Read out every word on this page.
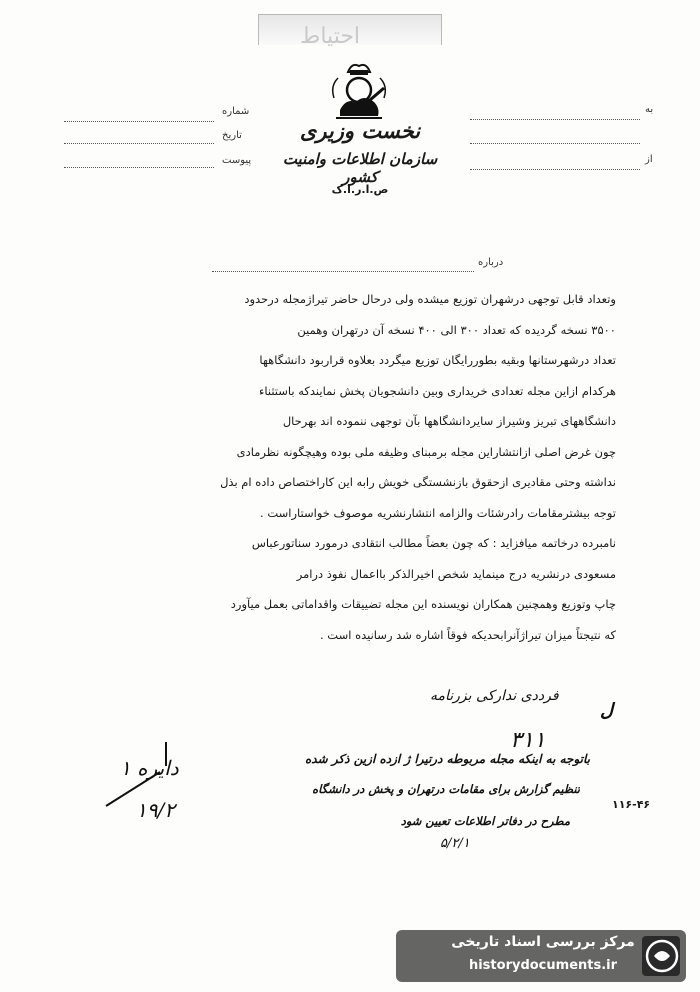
احتیاط
نخست وزیری
سازمان اطلاعات وامنیت کشور
ص.ا.ر.ا.ک
شماره
تاریخ
پیوست
به
از
درباره

وتعداد قابل توجهی درشهران توزیع میشده ولی درحال حاضر تیراژمجله درحدود

۳۵۰۰ نسخه گردیده که تعداد ۳۰۰ الی ۴۰۰ نسخه آن درتهران وهمین

تعداد درشهرستانها وبقیه بطوررایگان توزیع میگردد بعلاوه قراربود دانشگاهها

هرکدام ازاین مجله تعدادی خریداری وبین دانشجویان پخش نمایندکه باستثناء

دانشگاههای تبریز وشیراز سایردانشگاهها بآن توجهی ننموده اند بهرحال

چون غرض اصلی ازانتشاراین مجله برمبنای وظیفه ملی بوده وهیچگونه نظرمادی

نداشته وحتی مقادیری ازحقوق بازنشستگی خویش رابه این کاراختصاص داده ام بذل

توجه بیشترمقامات رادرشئات والزامه انتشارنشریه موصوف خواستاراست .

نامبرده درخاتمه میافزاید : که چون بعضاً مطالب انتقادی درمورد سناتورعباس

مسعودی درنشریه درج مینماید شخص اخیرالذکر بااعمال نفوذ درامر

چاپ وتوزیع وهمچنین همکاران نویسنده این مجله تضییقات واقداماتی بعمل میآورد

که نتیجتاً میزان تیراژآنرابحدیکه فوقاً اشاره شد رسانیده است .

فرددی ندارکی بزرنامه
ل
۳۱۱
باتوجه به اینکه مجله مربوطه درتیرا ژ ازده ازین ذکر شده
تنظیم گزارش برای مقامات درتهران و پخش در دانشگاه
مطرح در دفاتر اطلاعات تعیین شود
۵/۲/۱
دایره ۱
۱۹/۲	۱۱۶-۴۶
مرکز بررسی اسناد تاریخی
historydocuments.ir
